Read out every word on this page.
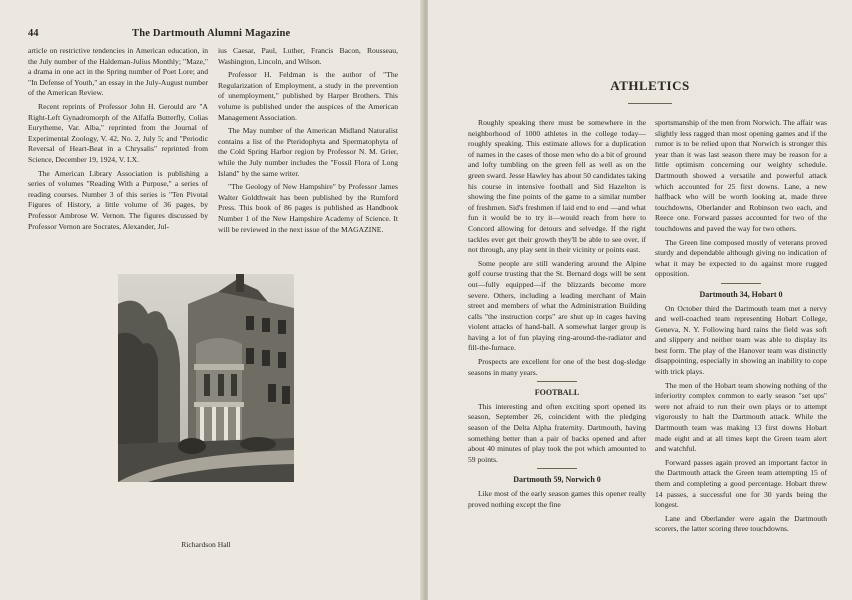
44	The Dartmouth Alumni Magazine

article on restrictive tendencies in American education, in the July number of the Haldeman-Julius Monthly; "Maze," a drama in one act in the Spring number of Poet Lore; and "In Defense of Youth," an essay in the July-August number of the American Review.

Recent reprints of Professor John H. Gerould are "A Right-Left Gynadromorph of the Alfalfa Butterfly, Colias Eurytheme, Var. Alba," reprinted from the Journal of Experimental Zoology, V. 42, No. 2, July 5; and "Periodic Reversal of Heart-Beat in a Chrysalis" reprinted from Science, December 19, 1924, V. LX.

The American Library Association is publishing a series of volumes "Reading With a Purpose," a series of reading courses. Number 3 of this series is "Ten Pivotal Figures of History, a little volume of 36 pages, by Professor Ambrose W. Vernon. The figures discussed by Professor Vernon are Socrates, Alexander, Jul-

ius Caesar, Paul, Luther, Francis Bacon, Rousseau, Washington, Lincoln, and Wilson.

Professor H. Feldman is the author of "The Regularization of Employment, a study in the prevention of unemployment," published by Harper Brothers. This volume is published under the auspices of the American Management Association.

The May number of the American Midland Naturalist contains a list of the Pteridophyta and Spermatophyta of the Cold Spring Harbor region by Professor N. M. Grier, while the July number includes the "Fossil Flora of Long Island" by the same writer.

"The Geology of New Hampshire" by Professor James Walter Goldthwait has been published by the Rumford Press. This book of 86 pages is published as Handbook Number 1 of the New Hampshire Academy of Science. It will be reviewed in the next issue of the MAGAZINE.

Richardson Hall
ATHLETICS

Roughly speaking there must be somewhere in the neighborhood of 1000 athletes in the college today—roughly speaking. This estimate allows for a duplication of names in the cases of those men who do a bit of ground and lofty tumbling on the green fell as well as on the green sward. Jesse Hawley has about 50 candidates taking his course in intensive football and Sid Hazelton is showing the fine points of the game to a similar number of freshmen. Sid's freshmen if laid end to end —and what fun it would be to try it—would reach from here to Concord allowing for detours and selvedge. If the right tackles ever get their growth they'll be able to see over, if not through, any play sent in their vicinity or points east.

Some people are still wandering around the Alpine golf course trusting that the St. Bernard dogs will be sent out—fully equipped—if the blizzards become more severe. Others, including a leading merchant of Main street and members of what the Administration Building calls "the instruction corps" are shut up in cages having violent attacks of hand-ball. A somewhat larger group is having a lot of fun playing ring-around-the-radiator and fill-the-furnace.

Prospects are excellent for one of the best dog-sledge seasons in many years.

FOOTBALL

This interesting and often exciting sport opened its season, September 26, coincident with the pledging season of the Delta Alpha fraternity. Dartmouth, having something better than a pair of backs opened and after about 40 minutes of play took the pot which amounted to 59 points.

Dartmouth 59, Norwich 0

Like most of the early season games this opener really proved nothing except the fine

sportsmanship of the men from Norwich. The affair was slightly less ragged than most opening games and if the rumor is to be relied upon that Norwich is stronger this year than it was last season there may be reason for a little optimism concerning our weighty schedule. Dartmouth showed a versatile and powerful attack which accounted for 25 first downs. Lane, a new halfback who will be worth looking at, made three touchdowns, Oberlander and Robinson two each, and Reece one. Forward passes accounted for two of the touchdowns and paved the way for two others.

The Green line composed mostly of veterans proved sturdy and dependable although giving no indication of what it may be expected to do against more rugged opposition.

Dartmouth 34, Hobart 0

On October third the Dartmouth team met a nervy and well-coached team representing Hobart College, Geneva, N. Y. Following hard rains the field was soft and slippery and neither team was able to display its best form. The play of the Hanover team was distinctly disappointing, especially in showing an inability to cope with trick plays.

The men of the Hobart team showing nothing of the inferiority complex common to early season "set ups" were not afraid to run their own plays or to attempt vigorously to halt the Dartmouth attack. While the Dartmouth team was making 13 first downs Hobart made eight and at all times kept the Green team alert and watchful.

Forward passes again proved an important factor in the Dartmouth attack the Green team attempting 15 of them and completing a good percentage. Hobart threw 14 passes, a successful one for 30 yards being the longest.

Lane and Oberlander were again the Dartmouth scorers, the latter scoring three touchdowns.
